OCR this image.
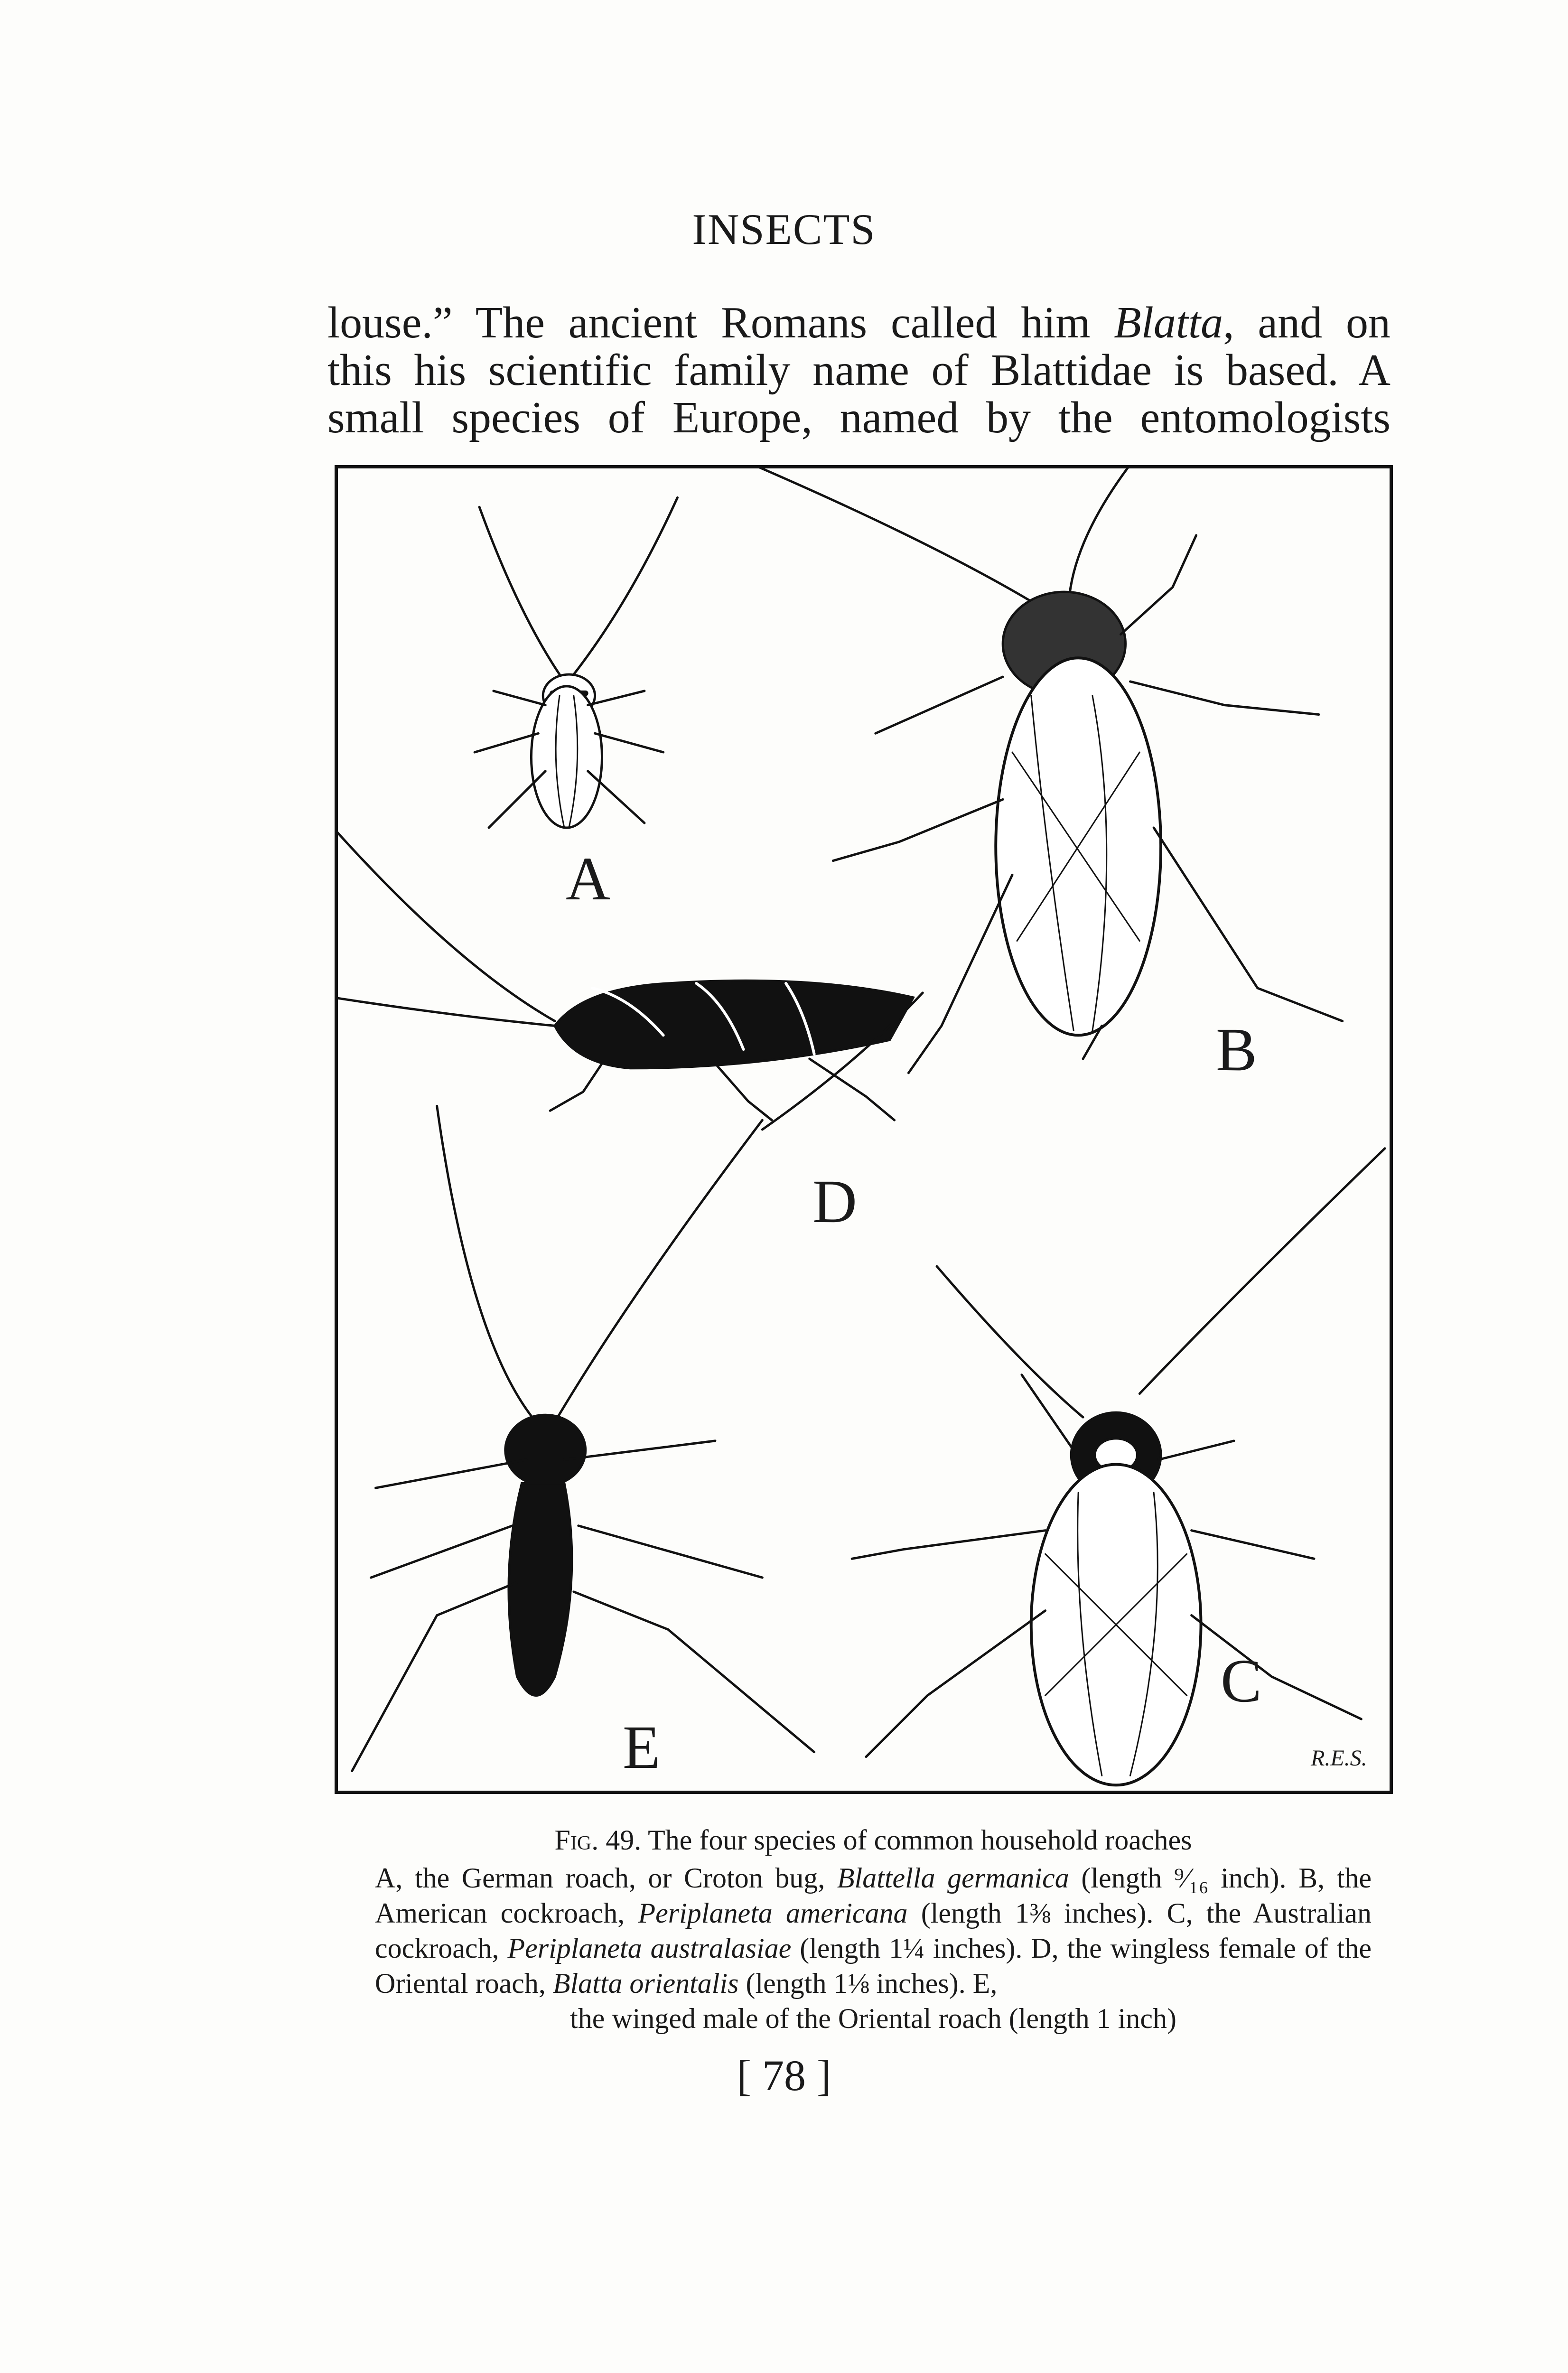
INSECTS
louse.” The ancient Romans called him Blatta, and on
this his scientific family name of Blattidae is based. A
small species of Europe, named by the entomologists
A
B
C
D
E	R.E.S.
Fig. 49. The four species of common household roaches
A, the German roach, or Croton bug, Blattella germanica (length ⁹⁄₁₆ inch). B, the American cockroach, Periplaneta americana (length 1⅜ inches). C, the Australian cockroach, Periplaneta australasiae (length 1¼ inches). D, the wingless female of the Oriental roach, Blatta orientalis (length 1⅛ inches). E,
the winged male of the Oriental roach (length 1 inch)
[ 78 ]
